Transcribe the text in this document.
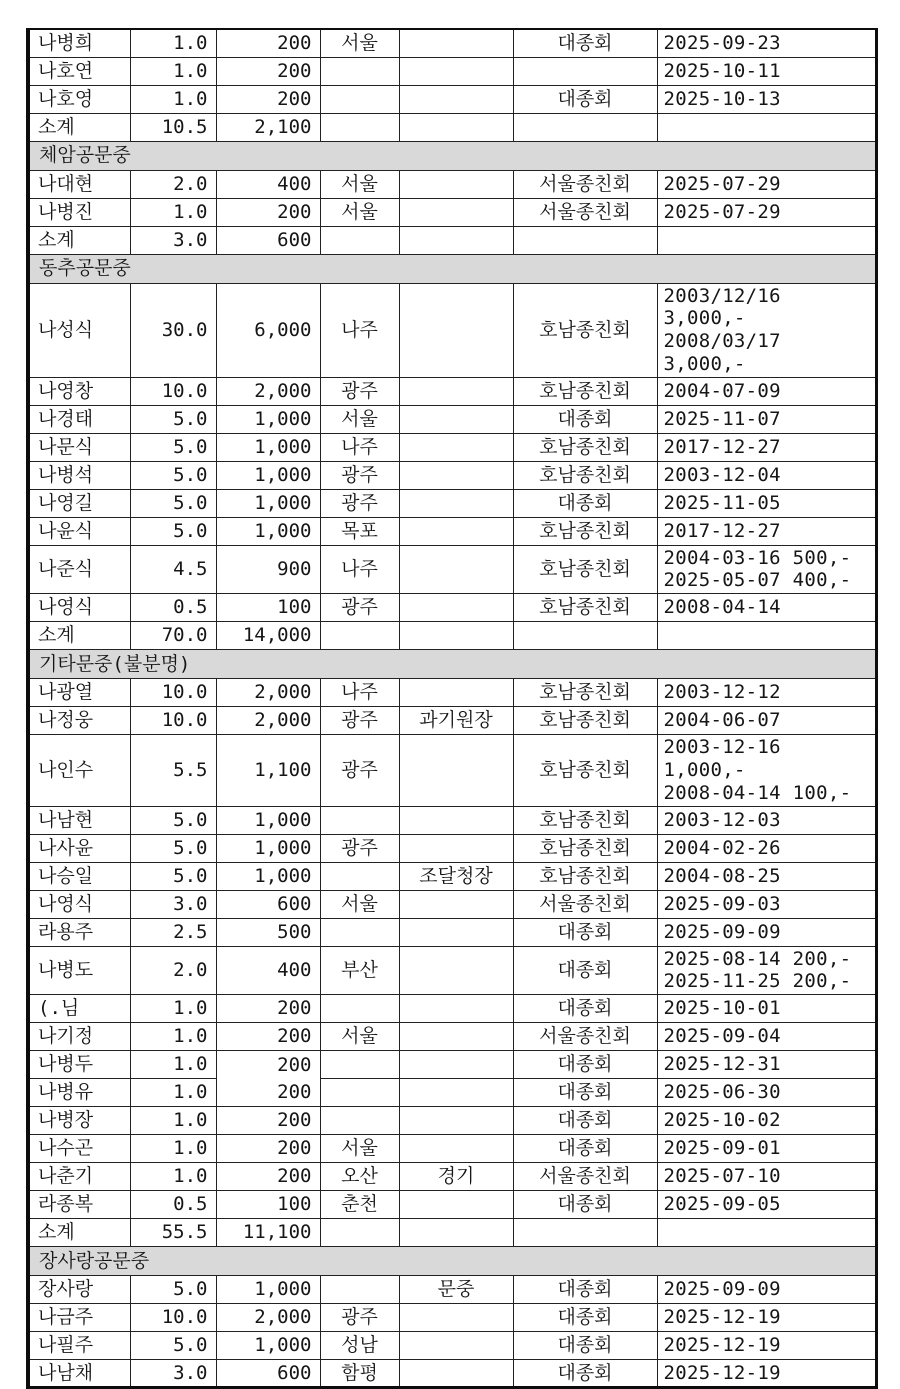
나병희	1.0	200	서울		대종회	2025-09-23
나호연	1.0	200				2025-10-11
나호영	1.0	200			대종회	2025-10-13
소계	10.5	2,100				
체암공문중						
나대현	2.0	400	서울		서울종친회	2025-07-29
나병진	1.0	200	서울		서울종친회	2025-07-29
소계	3.0	600				
동추공문중						
나성식	30.0	6,000	나주		호남종친회	2003/12/16 3,000,-
2008/03/17 3,000,-
나영창	10.0	2,000	광주		호남종친회	2004-07-09
나경태	5.0	1,000	서울		대종회	2025-11-07
나문식	5.0	1,000	나주		호남종친회	2017-12-27
나병석	5.0	1,000	광주		호남종친회	2003-12-04
나영길	5.0	1,000	광주		대종회	2025-11-05
나윤식	5.0	1,000	목포		호남종친회	2017-12-27
나준식	4.5	900	나주		호남종친회	2004-03-16 500,-
2025-05-07 400,-
나영식	0.5	100	광주		호남종친회	2008-04-14
소계	70.0	14,000				
기타문중(불분명)						
나광열	10.0	2,000	나주		호남종친회	2003-12-12
나정웅	10.0	2,000	광주	과기원장	호남종친회	2004-06-07
나인수	5.5	1,100	광주		호남종친회	2003-12-16 1,000,-
2008-04-14 100,-
나남현	5.0	1,000			호남종친회	2003-12-03
나사윤	5.0	1,000	광주		호남종친회	2004-02-26
나승일	5.0	1,000		조달청장	호남종친회	2004-08-25
나영식	3.0	600	서울		서울종친회	2025-09-03
라용주	2.5	500			대종회	2025-09-09
나병도	2.0	400	부산		대종회	2025-08-14 200,-
2025-11-25 200,-
(.님	1.0	200			대종회	2025-10-01
나기정	1.0	200	서울		서울종친회	2025-09-04
나병두	1.0	200			대종회	2025-12-31
나병유	1.0	200			대종회	2025-06-30
나병장	1.0	200			대종회	2025-10-02
나수곤	1.0	200	서울		대종회	2025-09-01
나춘기	1.0	200	오산	경기	서울종친회	2025-07-10
라종복	0.5	100	춘천		대종회	2025-09-05
소계	55.5	11,100				
장사랑공문중						
장사랑	5.0	1,000		문중	대종회	2025-09-09
나금주	10.0	2,000	광주		대종회	2025-12-19
나필주	5.0	1,000	성남		대종회	2025-12-19
나남채	3.0	600	함평		대종회	2025-12-19
